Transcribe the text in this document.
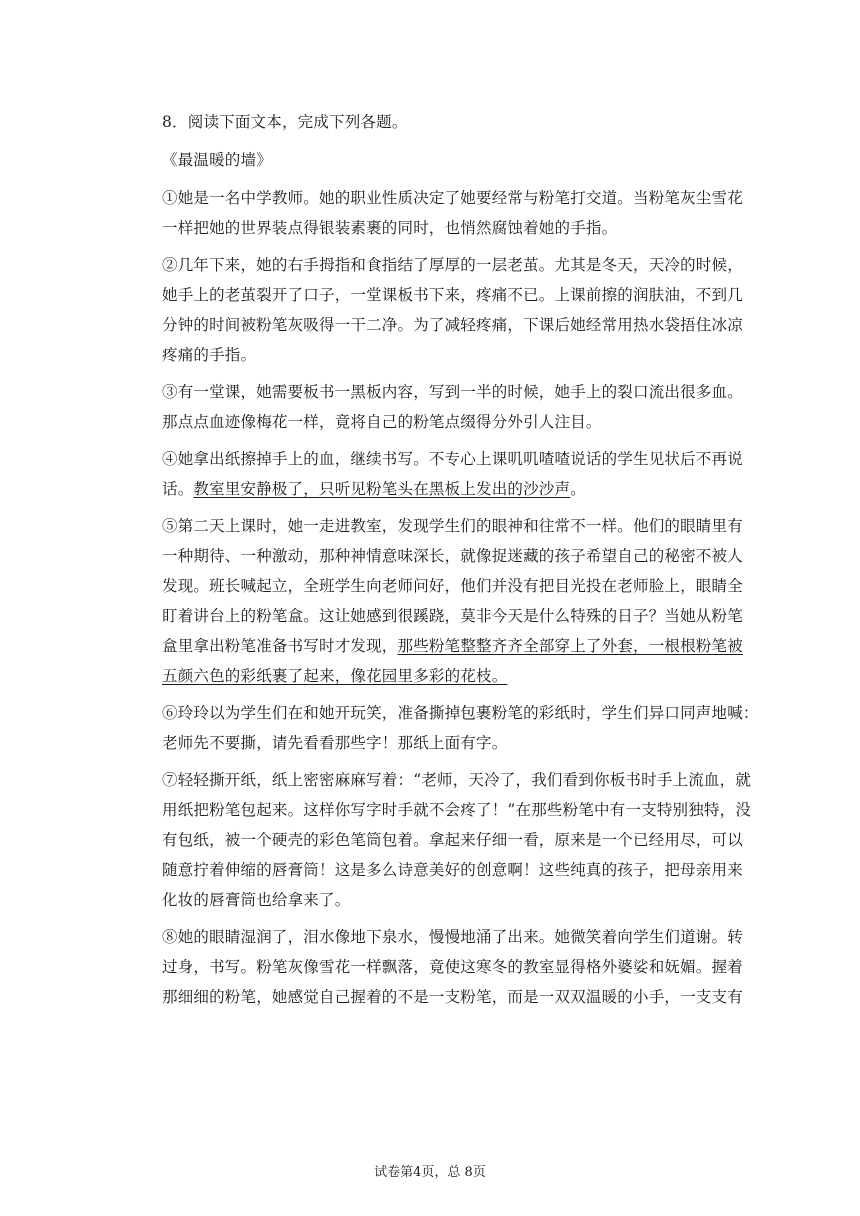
8．阅读下面文本，完成下列各题。
《最温暖的墙》
①她是一名中学教师。她的职业性质决定了她要经常与粉笔打交道。当粉笔灰尘雪花
一样把她的世界装点得银装素裹的同时，也悄然腐蚀着她的手指。
②几年下来，她的右手拇指和食指结了厚厚的一层老茧。尤其是冬天，天冷的时候，
她手上的老茧裂开了口子，一堂课板书下来，疼痛不已。上课前擦的润肤油，不到几
分钟的时间被粉笔灰吸得一干二净。为了减轻疼痛，下课后她经常用热水袋捂住冰凉
疼痛的手指。
③有一堂课，她需要板书一黑板内容，写到一半的时候，她手上的裂口流出很多血。
那点点血迹像梅花一样，竟将自己的粉笔点缀得分外引人注目。
④她拿出纸擦掉手上的血，继续书写。不专心上课叽叽喳喳说话的学生见状后不再说
话。教室里安静极了，只听见粉笔头在黑板上发出的沙沙声。
⑤第二天上课时，她一走进教室，发现学生们的眼神和往常不一样。他们的眼睛里有
一种期待、一种激动，那种神情意味深长，就像捉迷藏的孩子希望自己的秘密不被人
发现。班长喊起立，全班学生向老师问好，他们并没有把目光投在老师脸上，眼睛全
盯着讲台上的粉笔盒。这让她感到很蹊跷，莫非今天是什么特殊的日子？当她从粉笔
盒里拿出粉笔准备书写时才发现，那些粉笔整整齐齐全部穿上了外套，一根根粉笔被
五颜六色的彩纸裹了起来，像花园里多彩的花枝。
⑥玲玲以为学生们在和她开玩笑，准备撕掉包裹粉笔的彩纸时，学生们异口同声地喊：
老师先不要撕，请先看看那些字！那纸上面有字。
⑦轻轻撕开纸，纸上密密麻麻写着：“老师，天冷了，我们看到你板书时手上流血，就
用纸把粉笔包起来。这样你写字时手就不会疼了！”在那些粉笔中有一支特别独特，没
有包纸，被一个硬壳的彩色笔筒包着。拿起来仔细一看，原来是一个已经用尽，可以
随意拧着伸缩的唇膏筒！这是多么诗意美好的创意啊！这些纯真的孩子，把母亲用来
化妆的唇膏筒也给拿来了。
⑧她的眼睛湿润了，泪水像地下泉水，慢慢地涌了出来。她微笑着向学生们道谢。转
过身，书写。粉笔灰像雪花一样飘落，竟使这寒冬的教室显得格外婆娑和妩媚。握着
那细细的粉笔，她感觉自己握着的不是一支粉笔，而是一双双温暖的小手，一支支有
试卷第4页，总 8页
